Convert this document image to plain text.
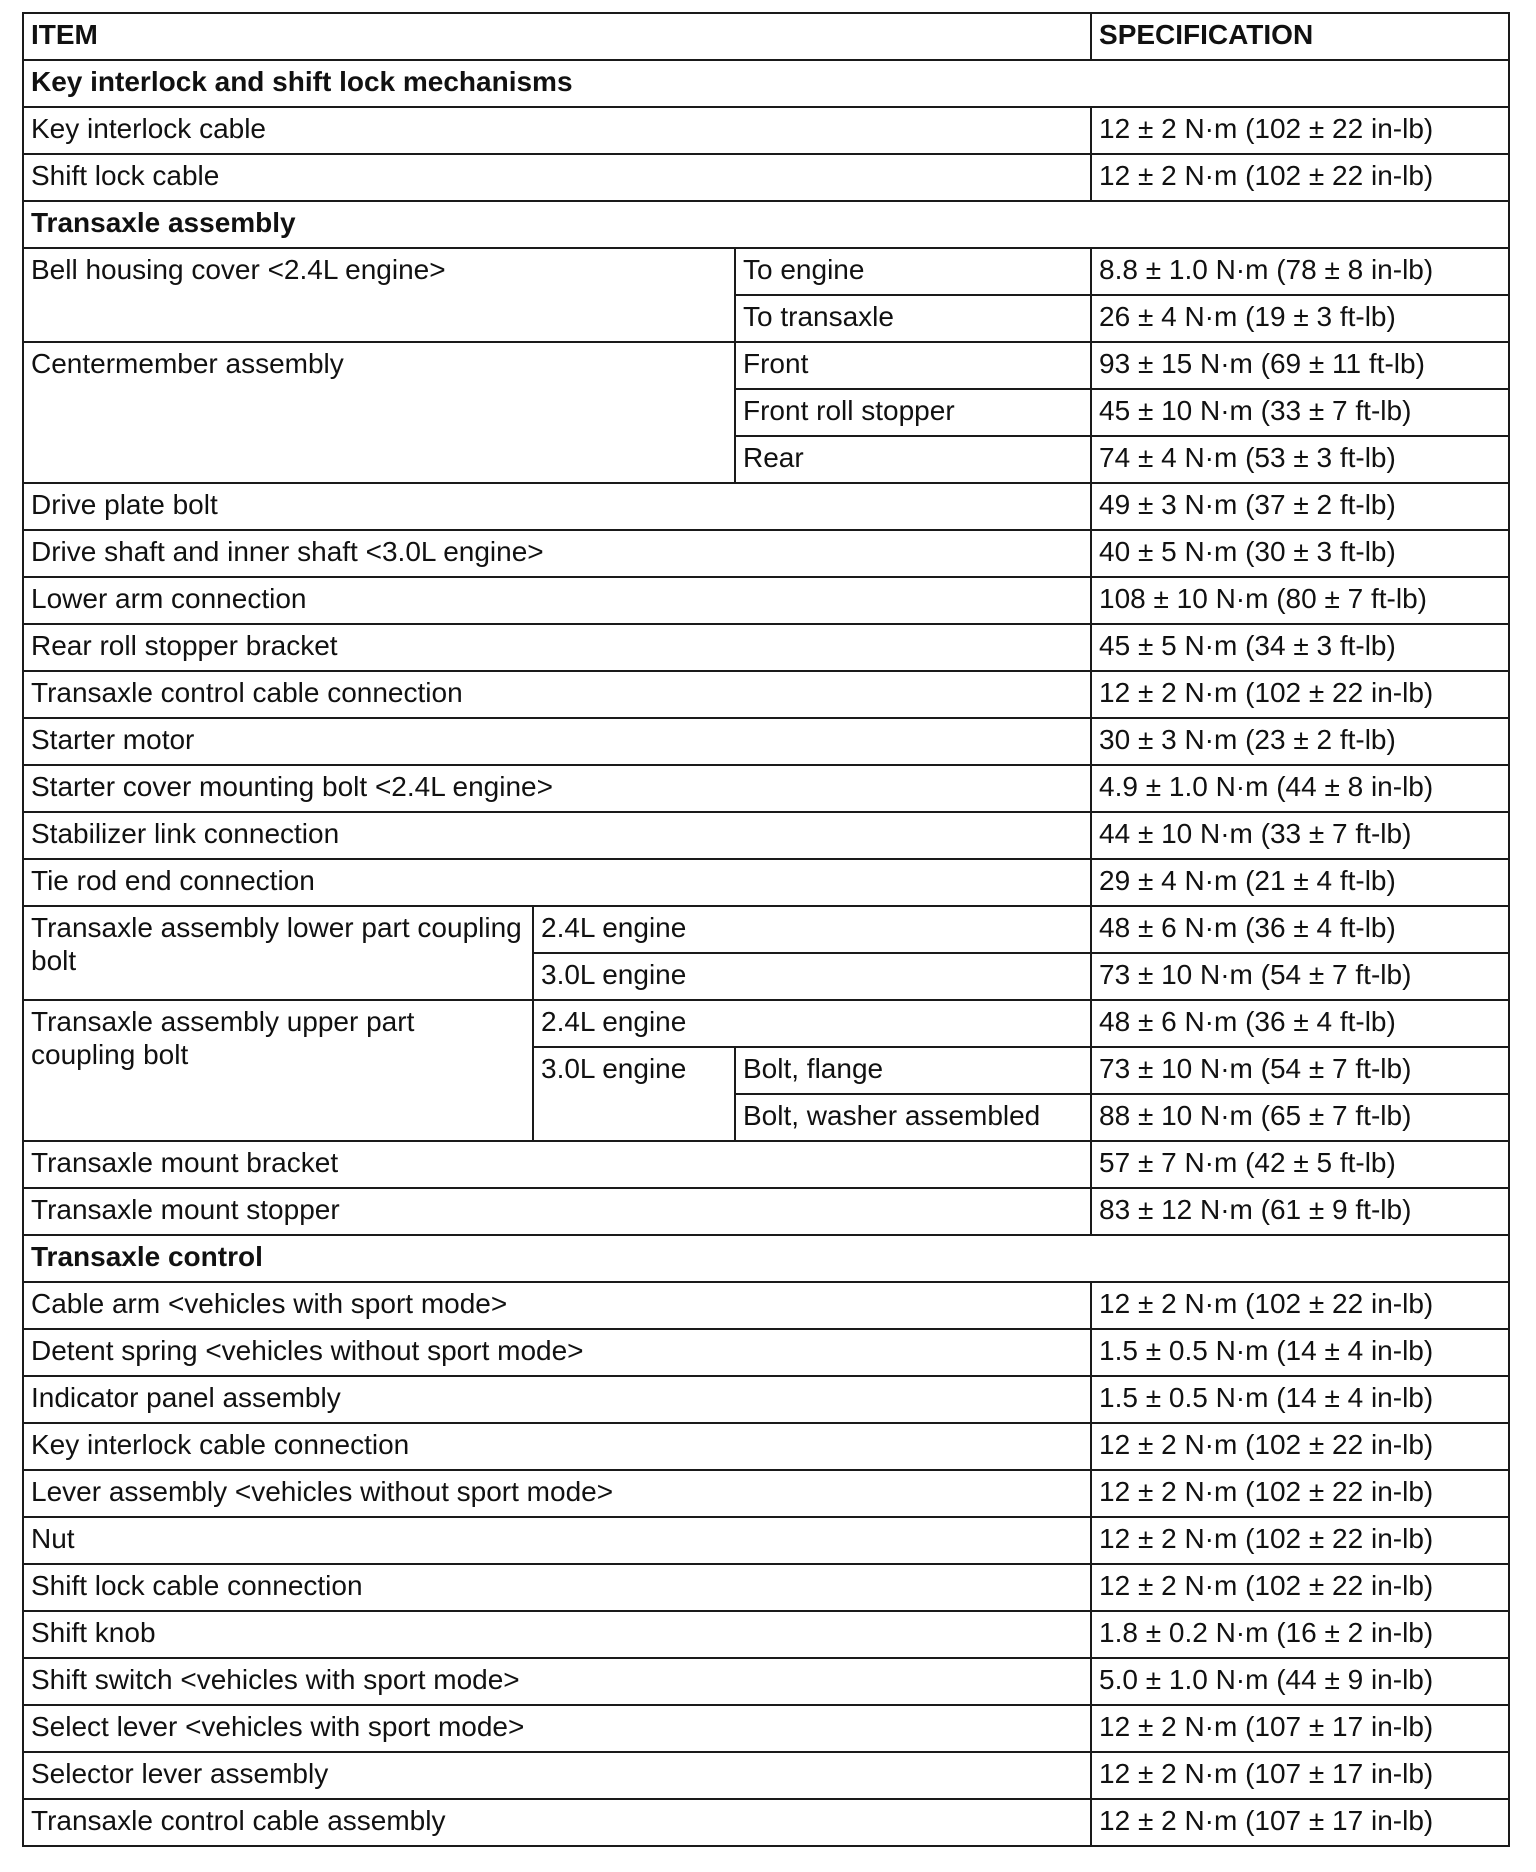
ITEM			SPECIFICATION
Key interlock and shift lock mechanisms			
Key interlock cable			12 ± 2 N·m (102 ± 22 in-lb)
Shift lock cable			12 ± 2 N·m (102 ± 22 in-lb)
Transaxle assembly			
Bell housing cover <2.4L engine>		To engine	8.8 ± 1.0 N·m (78 ± 8 in-lb)
		To transaxle	26 ± 4 N·m (19 ± 3 ft-lb)
Centermember assembly		Front	93 ± 15 N·m (69 ± 11 ft-lb)
		Front roll stopper	45 ± 10 N·m (33 ± 7 ft-lb)
		Rear	74 ± 4 N·m (53 ± 3 ft-lb)
Drive plate bolt			49 ± 3 N·m (37 ± 2 ft-lb)
Drive shaft and inner shaft <3.0L engine>			40 ± 5 N·m (30 ± 3 ft-lb)
Lower arm connection			108 ± 10 N·m (80 ± 7 ft-lb)
Rear roll stopper bracket			45 ± 5 N·m (34 ± 3 ft-lb)
Transaxle control cable connection			12 ± 2 N·m (102 ± 22 in-lb)
Starter motor			30 ± 3 N·m (23 ± 2 ft-lb)
Starter cover mounting bolt <2.4L engine>			4.9 ± 1.0 N·m (44 ± 8 in-lb)
Stabilizer link connection			44 ± 10 N·m (33 ± 7 ft-lb)
Tie rod end connection			29 ± 4 N·m (21 ± 4 ft-lb)
Transaxle assembly lower part coupling bolt	2.4L engine		48 ± 6 N·m (36 ± 4 ft-lb)
	3.0L engine		73 ± 10 N·m (54 ± 7 ft-lb)
Transaxle assembly upper part coupling bolt	2.4L engine		48 ± 6 N·m (36 ± 4 ft-lb)
	3.0L engine	Bolt, flange	73 ± 10 N·m (54 ± 7 ft-lb)
		Bolt, washer assembled	88 ± 10 N·m (65 ± 7 ft-lb)
Transaxle mount bracket			57 ± 7 N·m (42 ± 5 ft-lb)
Transaxle mount stopper			83 ± 12 N·m (61 ± 9 ft-lb)
Transaxle control			
Cable arm <vehicles with sport mode>			12 ± 2 N·m (102 ± 22 in-lb)
Detent spring <vehicles without sport mode>			1.5 ± 0.5 N·m (14 ± 4 in-lb)
Indicator panel assembly			1.5 ± 0.5 N·m (14 ± 4 in-lb)
Key interlock cable connection			12 ± 2 N·m (102 ± 22 in-lb)
Lever assembly <vehicles without sport mode>			12 ± 2 N·m (102 ± 22 in-lb)
Nut			12 ± 2 N·m (102 ± 22 in-lb)
Shift lock cable connection			12 ± 2 N·m (102 ± 22 in-lb)
Shift knob			1.8 ± 0.2 N·m (16 ± 2 in-lb)
Shift switch <vehicles with sport mode>			5.0 ± 1.0 N·m (44 ± 9 in-lb)
Select lever <vehicles with sport mode>			12 ± 2 N·m (107 ± 17 in-lb)
Selector lever assembly			12 ± 2 N·m (107 ± 17 in-lb)
Transaxle control cable assembly			12 ± 2 N·m (107 ± 17 in-lb)
